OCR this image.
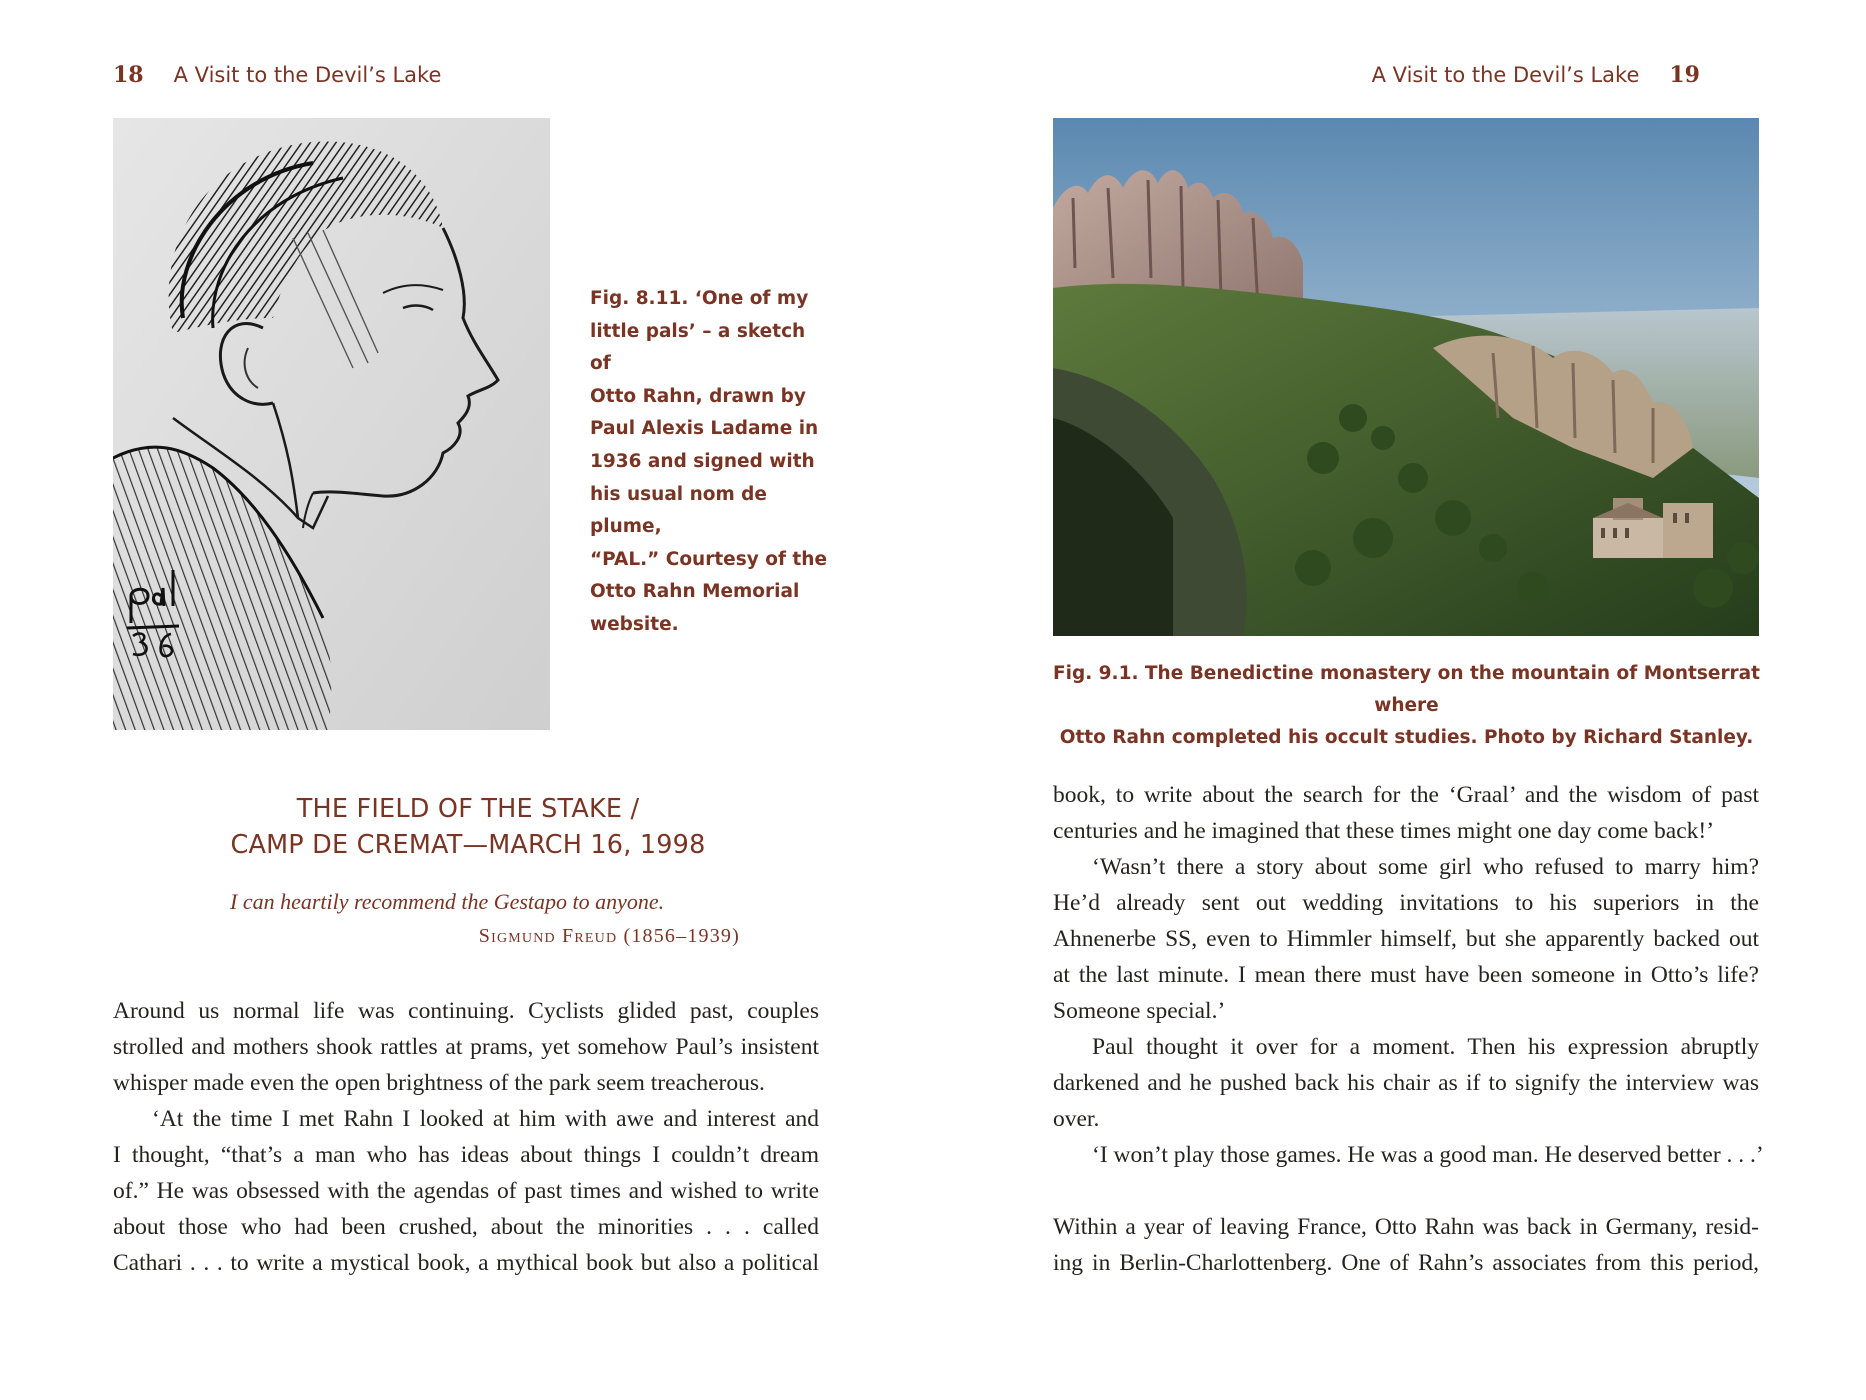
18 A Visit to the Devil’s Lake
Fig. 8.11. ‘One of my
little pals’ – a sketch of
Otto Rahn, drawn by
Paul Alexis Ladame in
1936 and signed with
his usual nom de plume,
“PAL.” Courtesy of the
Otto Rahn Memorial
website.
THE FIELD OF THE STAKE /
CAMP DE CREMAT—MARCH 16, 1998
I can heartily recommend the Gestapo to anyone.
Sigmund Freud (1856–1939)
Around us normal life was continuing. Cyclists glided past, couples
strolled and mothers shook rattles at prams, yet somehow Paul’s insistent
whisper made even the open brightness of the park seem treacherous.
‘At the time I met Rahn I looked at him with awe and interest and
I thought, “that’s a man who has ideas about things I couldn’t dream
of.” He was obsessed with the agendas of past times and wished to write
about those who had been crushed, about the minorities . . . called
Cathari . . . to write a mystical book, a mythical book but also a political
A Visit to the Devil’s Lake 19
Fig. 9.1. The Benedictine monastery on the mountain of Montserrat where
Otto Rahn completed his occult studies. Photo by Richard Stanley.
book, to write about the search for the ‘Graal’ and the wisdom of past
centuries and he imagined that these times might one day come back!’
‘Wasn’t there a story about some girl who refused to marry him?
He’d already sent out wedding invitations to his superiors in the
Ahnenerbe SS, even to Himmler himself, but she apparently backed out
at the last minute. I mean there must have been someone in Otto’s life?
Someone special.’
Paul thought it over for a moment. Then his expression abruptly
darkened and he pushed back his chair as if to signify the interview was
over.
‘I won’t play those games. He was a good man. He deserved better . . .’
Within a year of leaving France, Otto Rahn was back in Germany, resid-
ing in Berlin-Charlottenberg. One of Rahn’s associates from this period,
